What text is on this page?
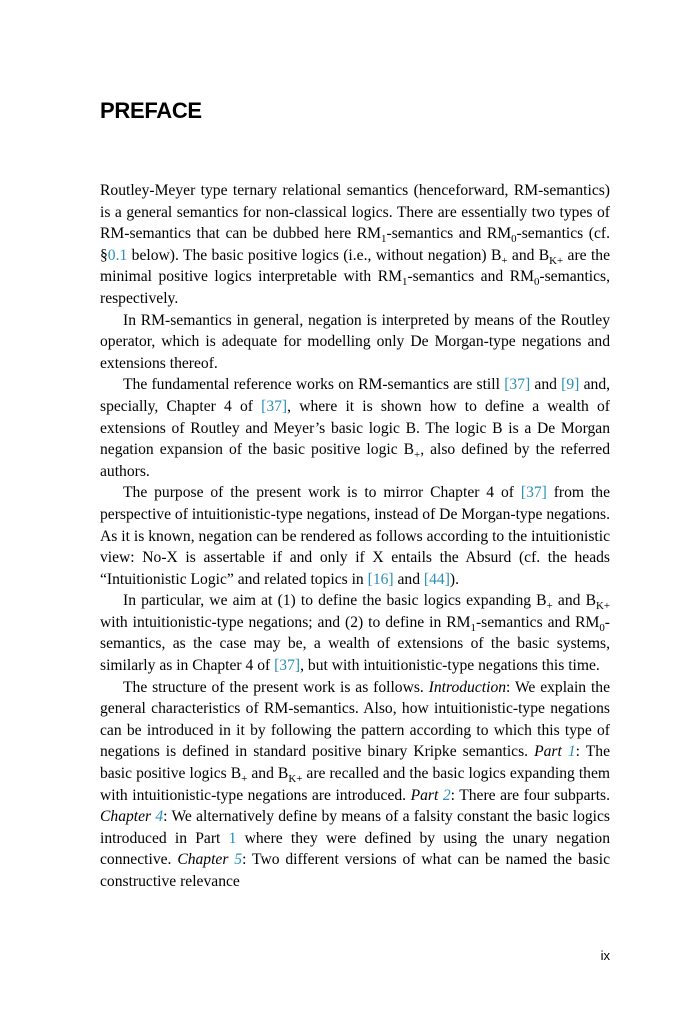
PREFACE

Routley-Meyer type ternary relational semantics (henceforward, RM-semantics) is a general semantics for non-classical logics. There are essentially two types of RM-semantics that can be dubbed here $RM_1$-semantics and $RM_0$-semantics (cf. §0.1 below). The basic positive logics (i.e., without negation) $B_+$ and $B_{K+}$ are the minimal positive logics interpretable with $RM_1$-semantics and $RM_0$-semantics, respectively.

In RM-semantics in general, negation is interpreted by means of the Routley operator, which is adequate for modelling only De Morgan-type negations and extensions thereof.

The fundamental reference works on RM-semantics are still [37] and [9] and, specially, Chapter 4 of [37], where it is shown how to define a wealth of extensions of Routley and Meyer’s basic logic B. The logic B is a De Morgan negation expansion of the basic positive logic $B_+$, also defined by the referred authors.

The purpose of the present work is to mirror Chapter 4 of [37] from the perspective of intuitionistic-type negations, instead of De Morgan-type negations. As it is known, negation can be rendered as follows according to the intuitionistic view: No-X is assertable if and only if X entails the Absurd (cf. the heads “Intuitionistic Logic” and related topics in [16] and [44]).

In particular, we aim at (1) to define the basic logics expanding $B_+$ and $B_{K+}$ with intuitionistic-type negations; and (2) to define in $RM_1$-semantics and $RM_0$-semantics, as the case may be, a wealth of extensions of the basic systems, similarly as in Chapter 4 of [37], but with intuitionistic-type negations this time.

The structure of the present work is as follows. Introduction: We explain the general characteristics of RM-semantics. Also, how intuitionistic-type negations can be introduced in it by following the pattern according to which this type of negations is defined in standard positive binary Kripke semantics. Part 1: The basic positive logics $B_+$ and $B_{K+}$ are recalled and the basic logics expanding them with intuitionistic-type negations are introduced. Part 2: There are four subparts. Chapter 4: We alternatively define by means of a falsity constant the basic logics introduced in Part 1 where they were defined by using the unary negation connective. Chapter 5: Two different versions of what can be named the basic constructive relevance

ix
